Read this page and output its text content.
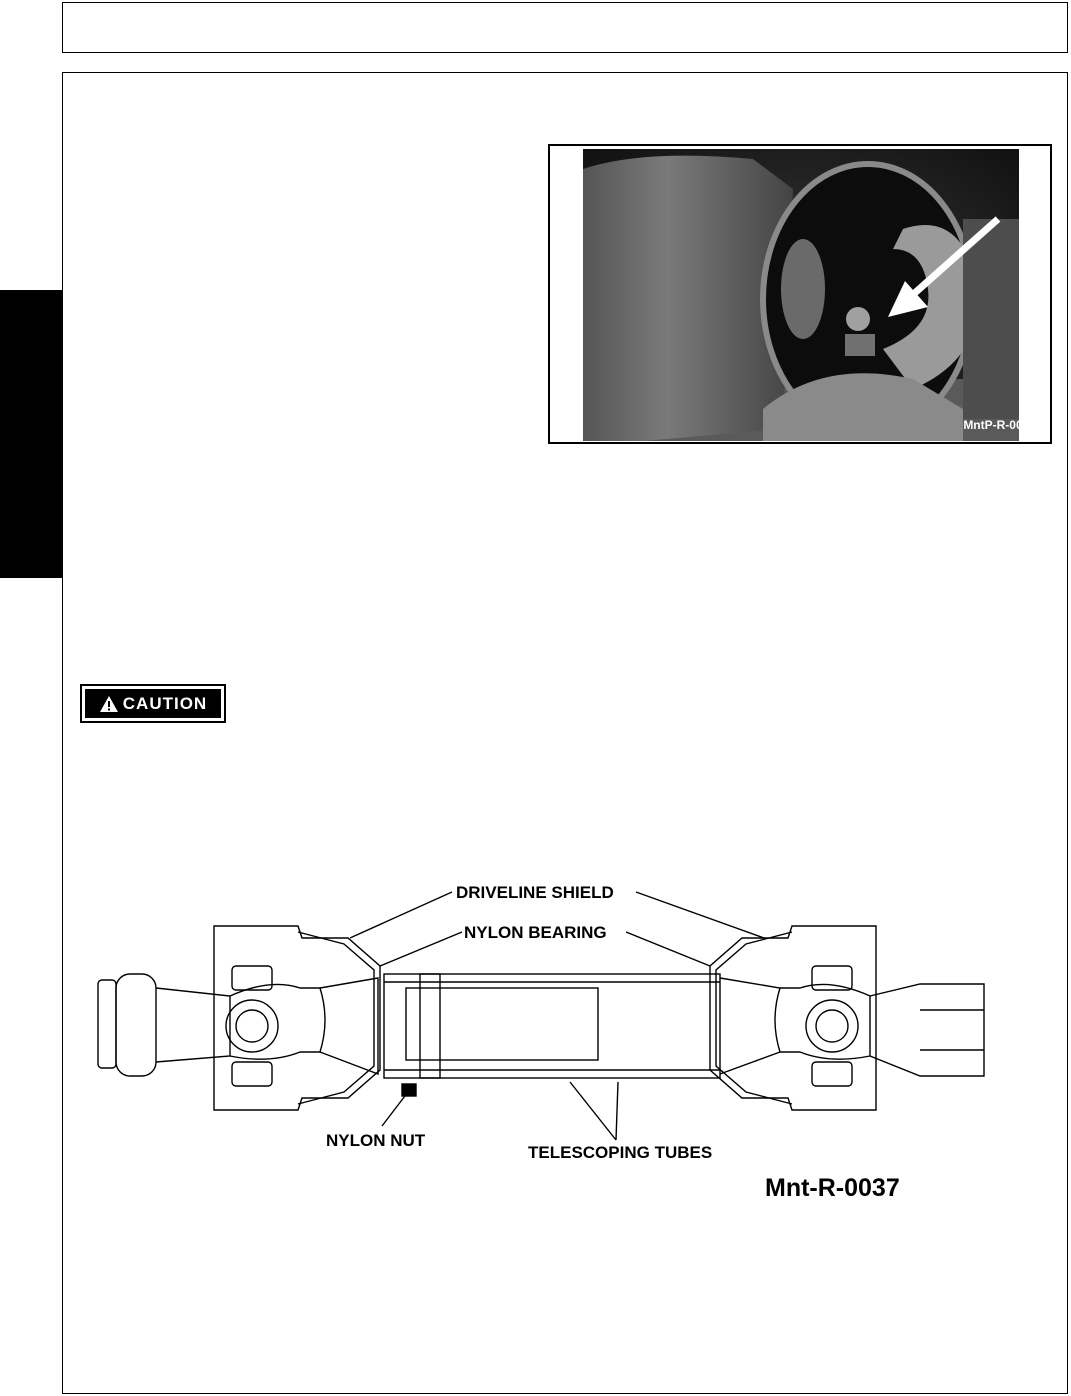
MntP-R-0021
CAUTION
DRIVELINE SHIELD
NYLON BEARING
NYLON NUT
TELESCOPING TUBES
Mnt-R-0037
